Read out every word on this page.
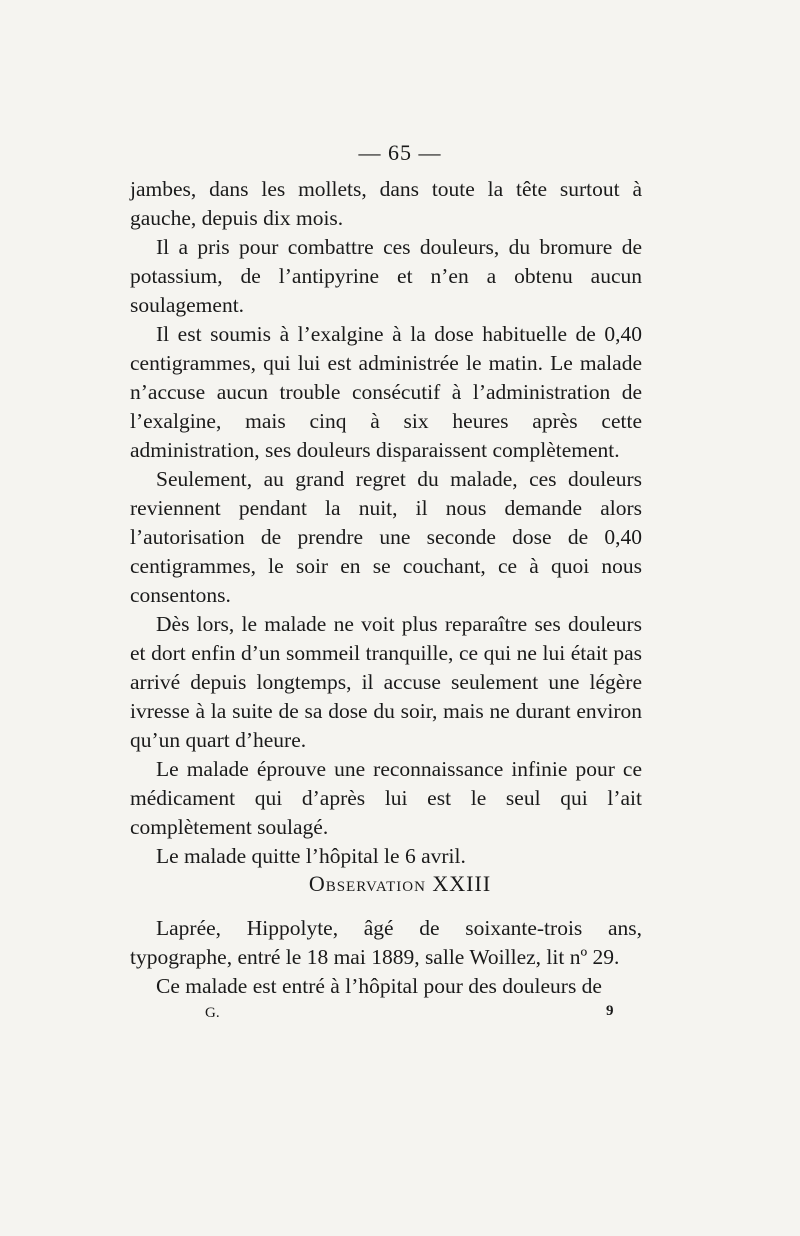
— 65 —

jambes, dans les mollets, dans toute la tête surtout à gauche, depuis dix mois.

Il a pris pour combattre ces douleurs, du bromure de potassium, de l’antipyrine et n’en a obtenu aucun soulagement.

Il est soumis à l’exalgine à la dose habituelle de 0,40 centigrammes, qui lui est administrée le matin. Le malade n’accuse aucun trouble consécutif à l’administration de l’exalgine, mais cinq à six heures après cette administration, ses douleurs disparaissent complètement.

Seulement, au grand regret du malade, ces douleurs reviennent pendant la nuit, il nous demande alors l’autorisation de prendre une seconde dose de 0,40 centigrammes, le soir en se couchant, ce à quoi nous consentons.

Dès lors, le malade ne voit plus reparaître ses douleurs et dort enfin d’un sommeil tranquille, ce qui ne lui était pas arrivé depuis longtemps, il accuse seulement une légère ivresse à la suite de sa dose du soir, mais ne durant environ qu’un quart d’heure.

Le malade éprouve une reconnaissance infinie pour ce médicament qui d’après lui est le seul qui l’ait complètement soulagé.

Le malade quitte l’hôpital le 6 avril.

Observation XXIII

Laprée, Hippolyte, âgé de soixante-trois ans, typographe, entré le 18 mai 1889, salle Woillez, lit nº 29.

Ce malade est entré à l’hôpital pour des douleurs de

G.	9
